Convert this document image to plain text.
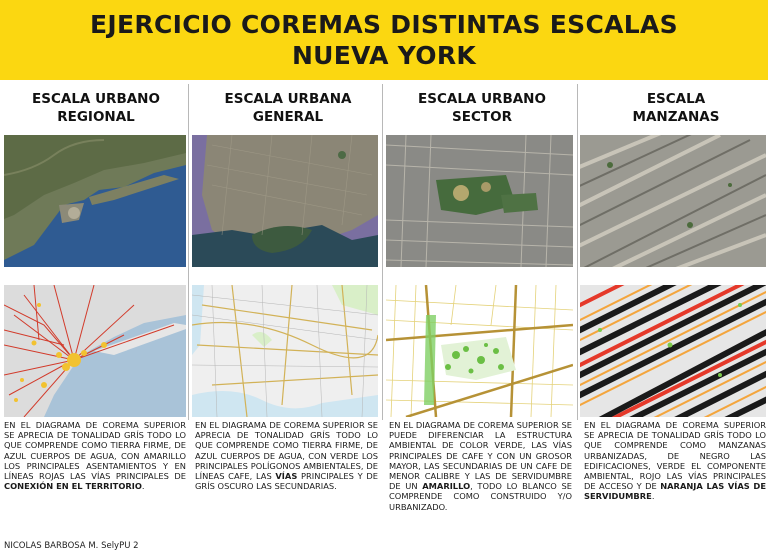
EJERCICIO COREMAS DISTINTAS ESCALAS
NUEVA YORK
ESCALA URBANO
REGIONAL
EN EL DIAGRAMA DE COREMA SUPERIOR SE APRECIA DE TONALIDAD GRÍS TODO LO QUE COMPRENDE COMO TIERRA FIRME, DE AZUL CUERPOS DE AGUA, CON AMARILLO LOS PRINCIPALES ASENTAMIENTOS Y EN LÍNEAS ROJAS LAS VÍAS PRINCIPALES DE CONEXIÓN EN EL TERRITORIO.
ESCALA URBANA
GENERAL
EN EL DIAGRAMA DE COREMA SUPERIOR SE APRECIA DE TONALIDAD GRÍS TODO LO QUE COMPRENDE COMO TIERRA FIRME, DE AZUL CUERPOS DE AGUA, CON VERDE LOS PRINCIPALES POLÍGONOS AMBIENTALES, DE LÍNEAS CAFE, LAS VÍAS PRINCIPALES Y DE GRÍS OSCURO LAS SECUNDARIAS.
ESCALA URBANO
SECTOR
EN EL DIAGRAMA DE COREMA SUPERIOR SE PUEDE DIFERENCIAR LA ESTRUCTURA AMBIENTAL DE COLOR VERDE, LAS VÍAS PRINCIPALES DE CAFE Y CON UN GROSOR MAYOR, LAS SECUNDARIAS DE UN CAFE DE MENOR CALIBRE Y LAS DE SERVIDUMBRE DE UN AMARILLO, TODO LO BLANCO SE COMPRENDE COMO CONSTRUIDO Y/O URBANIZADO.
ESCALA
MANZANAS
EN EL DIAGRAMA DE COREMA SUPERIOR SE APRECIA DE TONALIDAD GRÍS TODO LO QUE COMPRENDE COMO MANZANAS URBANIZADAS, DE NEGRO LAS EDIFICACIONES, VERDE EL COMPONENTE AMBIENTAL, ROJO LAS VÍAS PRINCIPALES DE ACCESO Y DE NARANJA LAS VÍAS DE SERVIDUMBRE.
NICOLAS BARBOSA M. SelyPU 2
